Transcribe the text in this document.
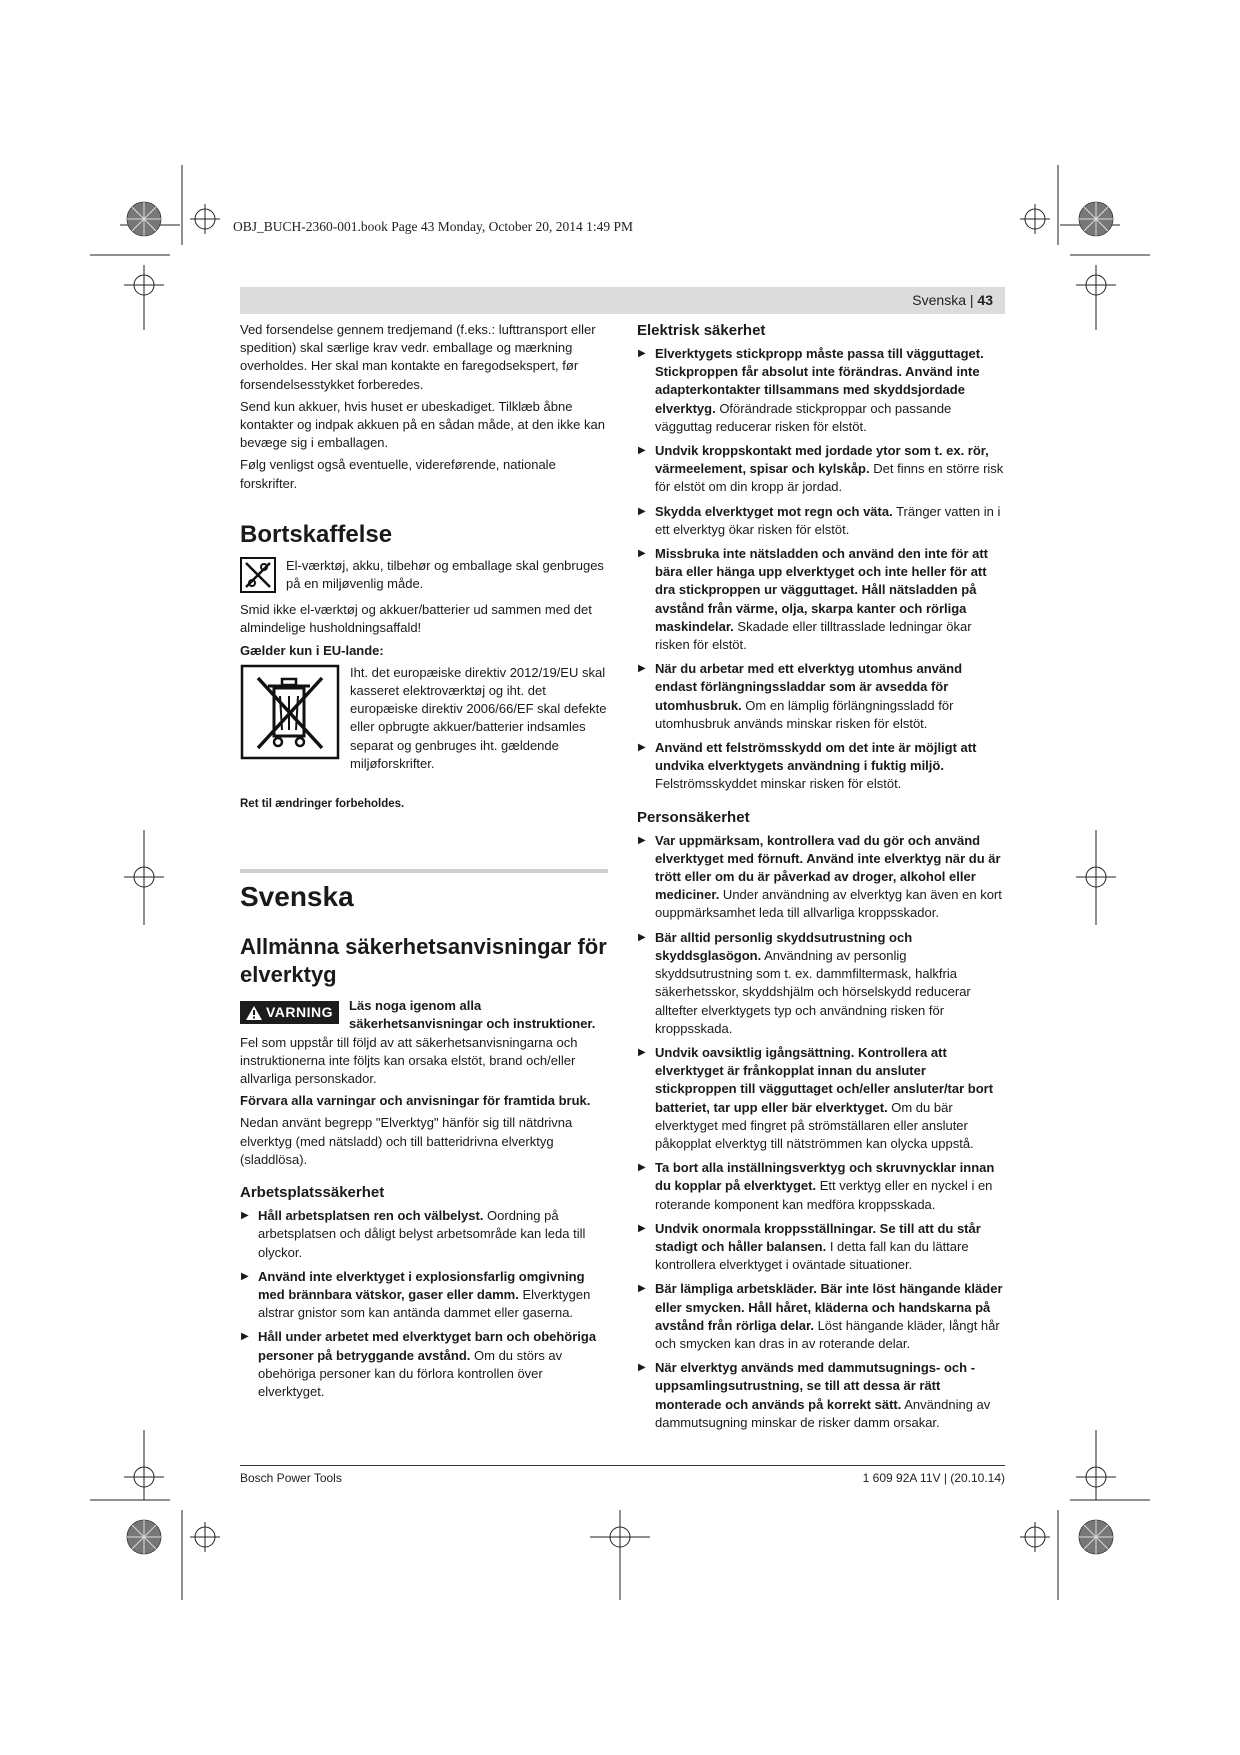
OBJ_BUCH-2360-001.book Page 43 Monday, October 20, 2014 1:49 PM
Svenska | 43

Ved forsendelse gennem tredjemand (f.eks.: lufttransport eller spedition) skal særlige krav vedr. emballage og mærkning overholdes. Her skal man kontakte en faregodsekspert, før forsendelsesstykket forberedes.

Send kun akkuer, hvis huset er ubeskadiget. Tilklæb åbne kontakter og indpak akkuen på en sådan måde, at den ikke kan bevæge sig i emballagen.

Følg venligst også eventuelle, videreførende, nationale forskrifter.

Bortskaffelse
El-værktøj, akku, tilbehør og emballage skal genbruges på en miljøvenlig måde.

Smid ikke el-værktøj og akkuer/batterier ud sammen med det almindelige husholdningsaffald!

Gælder kun i EU-lande:
Iht. det europæiske direktiv 2012/19/EU skal kasseret elektroværktøj og iht. det europæiske direktiv 2006/66/EF skal defekte eller opbrugte akkuer/batterier indsamles separat og genbruges iht. gældende miljøforskrifter.
Ret til ændringer forbeholdes.
Svenska
Allmänna säkerhetsanvisningar för elverktyg
VARNING Läs noga igenom alla säkerhetsanvisningar och instruktioner. Fel som uppstår till följd av att säkerhetsanvisningarna och instruktionerna inte följts kan orsaka elstöt, brand och/eller allvarliga personskador.
Förvara alla varningar och anvisningar för framtida bruk.

Nedan använt begrepp "Elverktyg" hänför sig till nätdrivna elverktyg (med nätsladd) och till batteridrivna elverktyg (sladdlösa).

Arbetsplatssäkerhet
▶ Håll arbetsplatsen ren och välbelyst. Oordning på arbetsplatsen och dåligt belyst arbetsområde kan leda till olyckor.
▶ Använd inte elverktyget i explosionsfarlig omgivning med brännbara vätskor, gaser eller damm. Elverktygen alstrar gnistor som kan antända dammet eller gaserna.
▶ Håll under arbetet med elverktyget barn och obehöriga personer på betryggande avstånd. Om du störs av obehöriga personer kan du förlora kontrollen över elverktyget.
Elektrisk säkerhet
▶ Elverktygets stickpropp måste passa till vägguttaget. Stickproppen får absolut inte förändras. Använd inte adapterkontakter tillsammans med skyddsjordade elverktyg. Oförändrade stickproppar och passande vägguttag reducerar risken för elstöt.
▶ Undvik kroppskontakt med jordade ytor som t. ex. rör, värmeelement, spisar och kylskåp. Det finns en större risk för elstöt om din kropp är jordad.
▶ Skydda elverktyget mot regn och väta. Tränger vatten in i ett elverktyg ökar risken för elstöt.
▶ Missbruka inte nätsladden och använd den inte för att bära eller hänga upp elverktyget och inte heller för att dra stickproppen ur vägguttaget. Håll nätsladden på avstånd från värme, olja, skarpa kanter och rörliga maskindelar. Skadade eller tilltrasslade ledningar ökar risken för elstöt.
▶ När du arbetar med ett elverktyg utomhus använd endast förlängningssladdar som är avsedda för utomhusbruk. Om en lämplig förlängningssladd för utomhusbruk används minskar risken för elstöt.
▶ Använd ett felströmsskydd om det inte är möjligt att undvika elverktygets användning i fuktig miljö. Felströmsskyddet minskar risken för elstöt.
Personsäkerhet
▶ Var uppmärksam, kontrollera vad du gör och använd elverktyget med förnuft. Använd inte elverktyg när du är trött eller om du är påverkad av droger, alkohol eller mediciner. Under användning av elverktyg kan även en kort ouppmärksamhet leda till allvarliga kroppsskador.
▶ Bär alltid personlig skyddsutrustning och skyddsglasögon. Användning av personlig skyddsutrustning som t. ex. dammfiltermask, halkfria säkerhetsskor, skyddshjälm och hörselskydd reducerar alltefter elverktygets typ och användning risken för kroppsskada.
▶ Undvik oavsiktlig igångsättning. Kontrollera att elverktyget är frånkopplat innan du ansluter stickproppen till vägguttaget och/eller ansluter/tar bort batteriet, tar upp eller bär elverktyget. Om du bär elverktyget med fingret på strömställaren eller ansluter påkopplat elverktyg till nätströmmen kan olycka uppstå.
▶ Ta bort alla inställningsverktyg och skruvnycklar innan du kopplar på elverktyget. Ett verktyg eller en nyckel i en roterande komponent kan medföra kroppsskada.
▶ Undvik onormala kroppsställningar. Se till att du står stadigt och håller balansen. I detta fall kan du lättare kontrollera elverktyget i oväntade situationer.
▶ Bär lämpliga arbetskläder. Bär inte löst hängande kläder eller smycken. Håll håret, kläderna och handskarna på avstånd från rörliga delar. Löst hängande kläder, långt hår och smycken kan dras in av roterande delar.
▶ När elverktyg används med dammutsugnings- och -uppsamlingsutrustning, se till att dessa är rätt monterade och används på korrekt sätt. Användning av dammutsugning minskar de risker damm orsakar.
Bosch Power Tools	1 609 92A 11V | (20.10.14)
